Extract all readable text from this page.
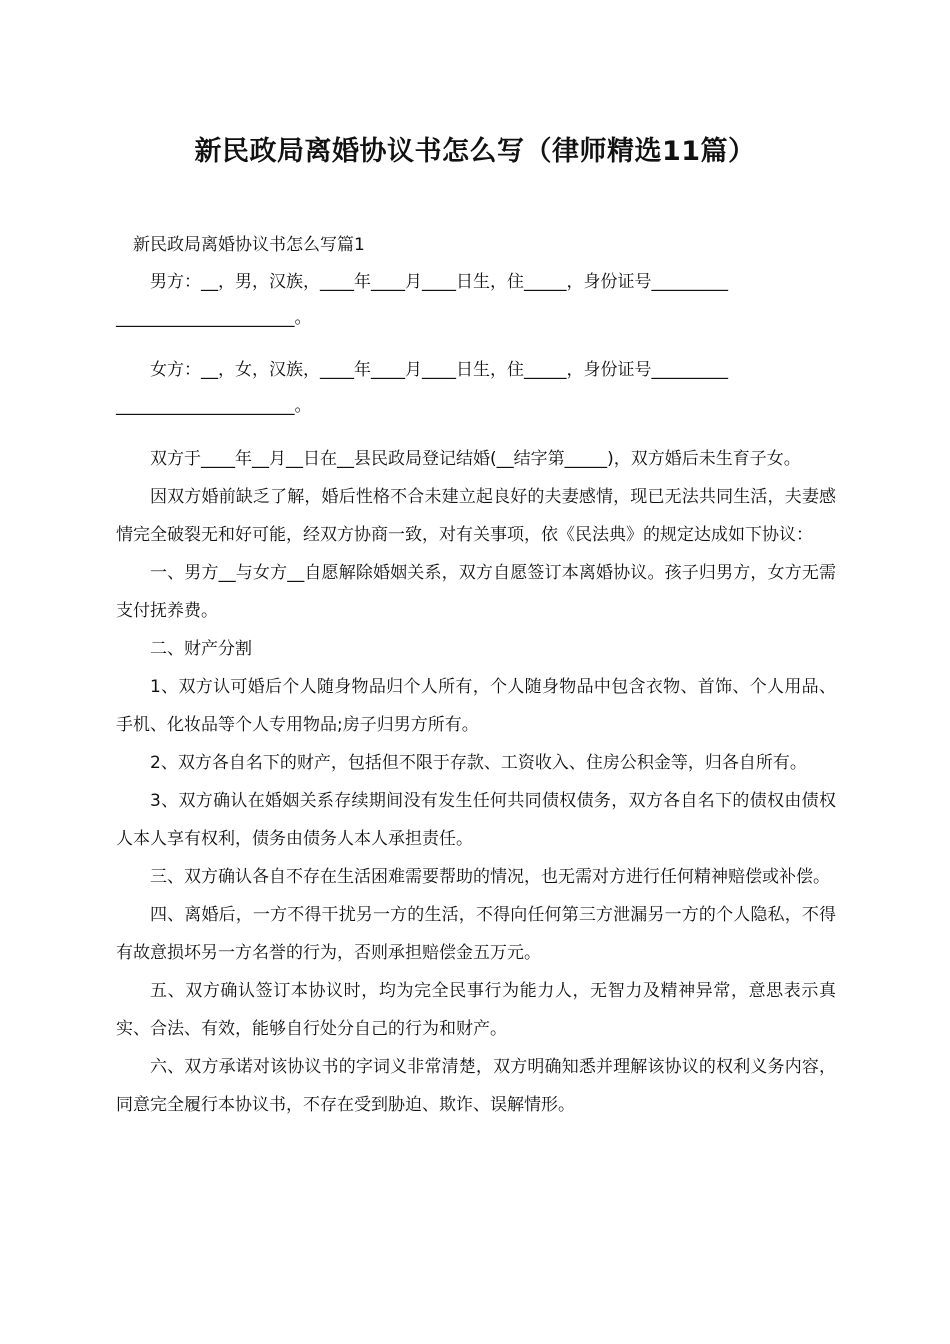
新民政局离婚协议书怎么写（律师精选11篇）

新民政局离婚协议书怎么写篇1

男方：__，男，汉族，____年____月____日生，住_____，身份证号_________
_____________________。

女方：__，女，汉族，____年____月____日生，住_____，身份证号_________
_____________________。

双方于____年__月__日在__县民政局登记结婚(__结字第_____)，双方婚后未生育子女。

因双方婚前缺乏了解，婚后性格不合未建立起良好的夫妻感情，现已无法共同生活，夫妻感情完全破裂无和好可能，经双方协商一致，对有关事项，依《民法典》的规定达成如下协议：

一、男方__与女方__自愿解除婚姻关系，双方自愿签订本离婚协议。孩子归男方，女方无需支付抚养费。

二、财产分割

1、双方认可婚后个人随身物品归个人所有，个人随身物品中包含衣物、首饰、个人用品、手机、化妆品等个人专用物品;房子归男方所有。

2、双方各自名下的财产，包括但不限于存款、工资收入、住房公积金等，归各自所有。

3、双方确认在婚姻关系存续期间没有发生任何共同债权债务，双方各自名下的债权由债权人本人享有权利，债务由债务人本人承担责任。

三、双方确认各自不存在生活困难需要帮助的情况，也无需对方进行任何精神赔偿或补偿。

四、离婚后，一方不得干扰另一方的生活，不得向任何第三方泄漏另一方的个人隐私，不得有故意损坏另一方名誉的行为，否则承担赔偿金五万元。

五、双方确认签订本协议时，均为完全民事行为能力人，无智力及精神异常，意思表示真实、合法、有效，能够自行处分自己的行为和财产。

六、双方承诺对该协议书的字词义非常清楚，双方明确知悉并理解该协议的权利义务内容，同意完全履行本协议书，不存在受到胁迫、欺诈、误解情形。
